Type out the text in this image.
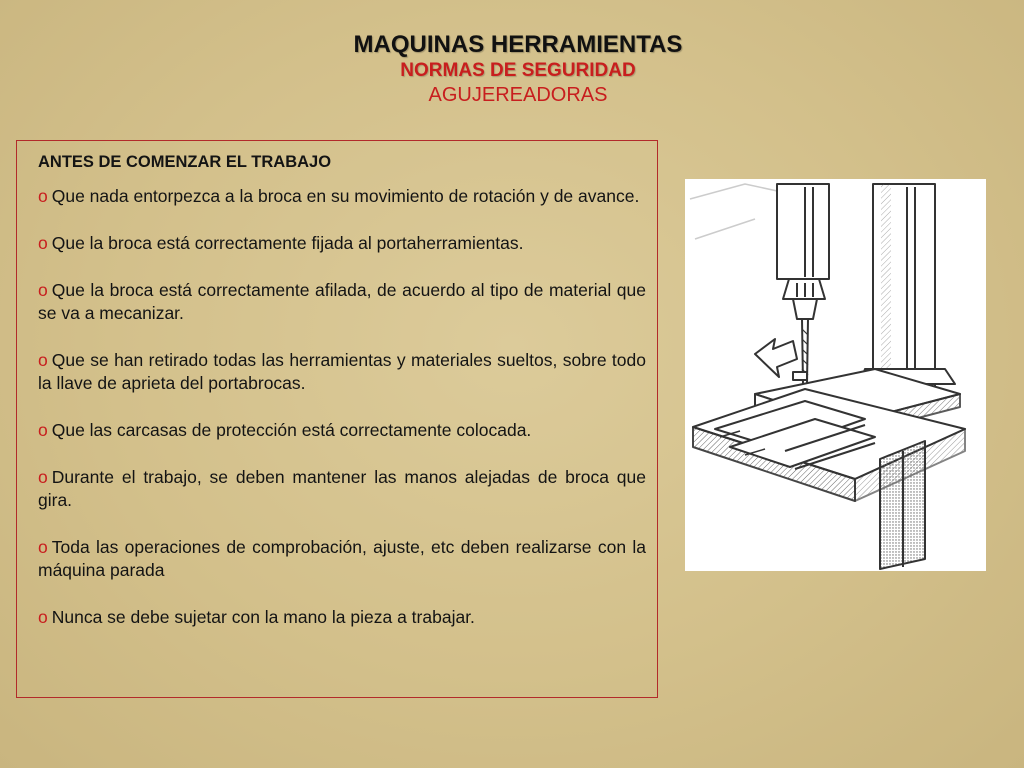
MAQUINAS HERRAMIENTAS
NORMAS DE SEGURIDAD
AGUJEREADORAS
ANTES DE COMENZAR EL TRABAJO

o Que nada entorpezca a la broca en su movimiento de rotación y de avance.

o Que la broca está correctamente fijada al portaherramientas.

o Que la broca está correctamente afilada, de acuerdo al tipo de material que se va a mecanizar.

o Que se han retirado todas las herramientas y materiales sueltos, sobre todo la llave de aprieta del portabrocas.

o Que las carcasas de protección está correctamente colocada.

o Durante el trabajo, se deben mantener las manos alejadas de broca que gira.

o Toda las operaciones de comprobación, ajuste, etc deben realizarse con la máquina parada

o Nunca se debe sujetar con la mano la pieza a trabajar.
